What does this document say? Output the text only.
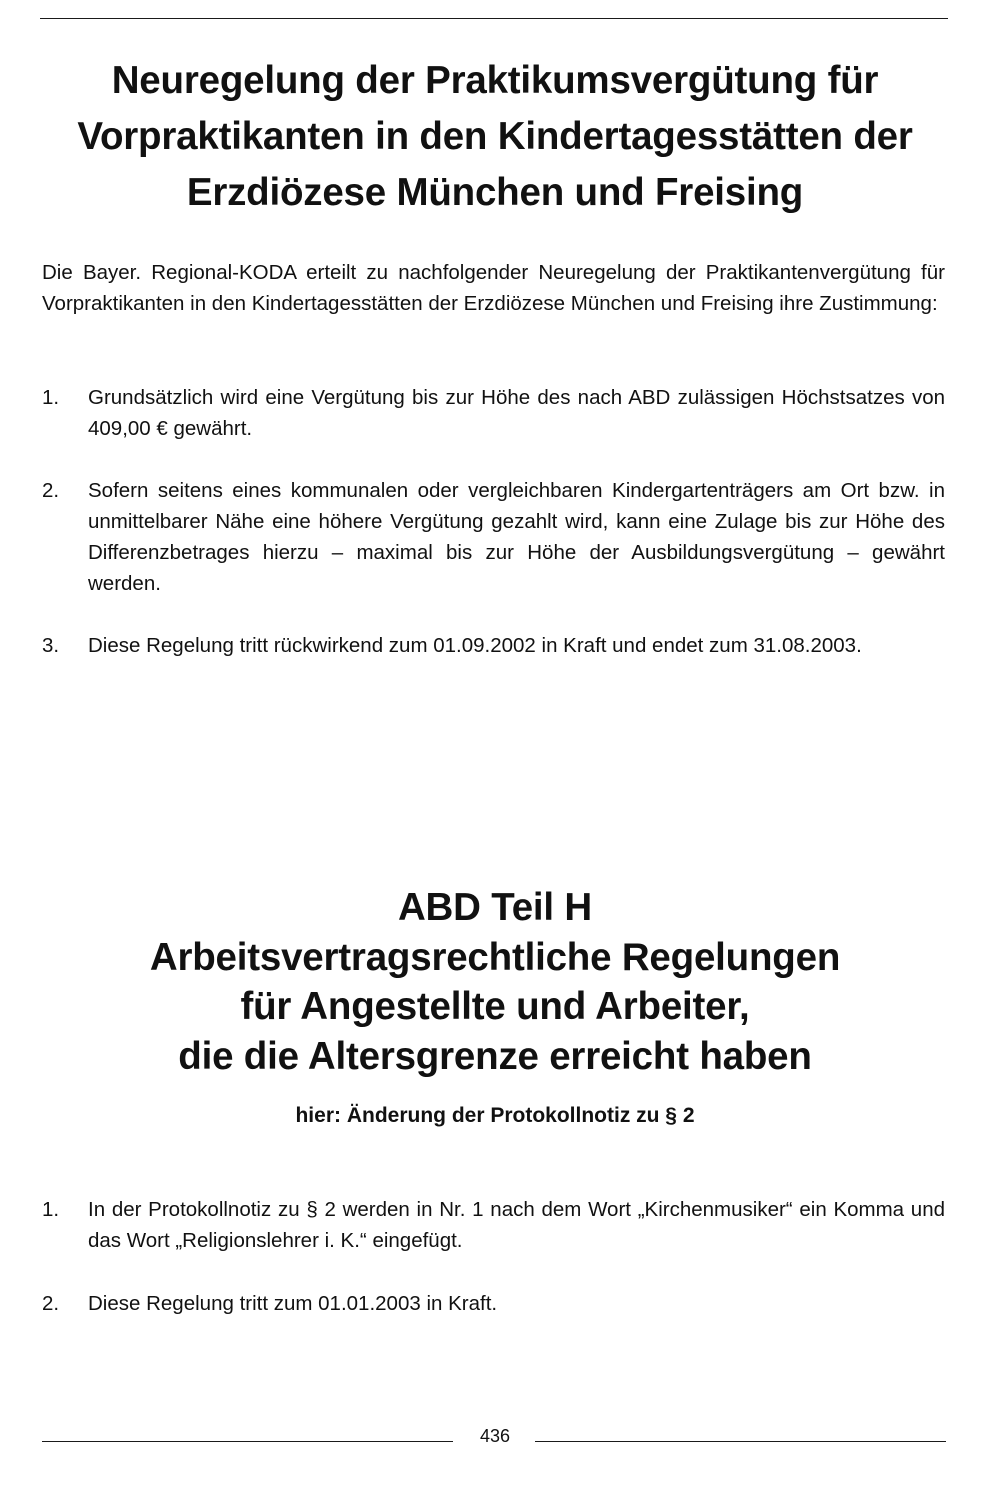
Neuregelung der Praktikumsvergütung für
Vorpraktikanten in den Kindertagesstätten der
Erzdiözese München und Freising

Die Bayer. Regional-KODA erteilt zu nachfolgender Neuregelung der Praktikantenvergütung für Vorpraktikanten in den Kindertagesstätten der Erzdiözese München und Freising ihre Zustimmung:

1.	Grundsätzlich wird eine Vergütung bis zur Höhe des nach ABD zulässigen Höchstsatzes von 409,00 € gewährt.
2.	Sofern seitens eines kommunalen oder vergleichbaren Kindergartenträgers am Ort bzw. in unmittelbarer Nähe eine höhere Vergütung gezahlt wird, kann eine Zulage bis zur Höhe des Differenzbetrages hierzu – maximal bis zur Höhe der Ausbildungsvergütung – gewährt werden.
3.	Diese Regelung tritt rückwirkend zum 01.09.2002 in Kraft und endet zum 31.08.2003.
ABD Teil H
Arbeitsvertragsrechtliche Regelungen
für Angestellte und Arbeiter,
die die Altersgrenze erreicht haben
hier: Änderung der Protokollnotiz zu § 2
1.	In der Protokollnotiz zu § 2 werden in Nr. 1 nach dem Wort „Kirchenmusiker“ ein Komma und das Wort „Religionslehrer i. K.“ eingefügt.
2.	Diese Regelung tritt zum 01.01.2003 in Kraft.
436
